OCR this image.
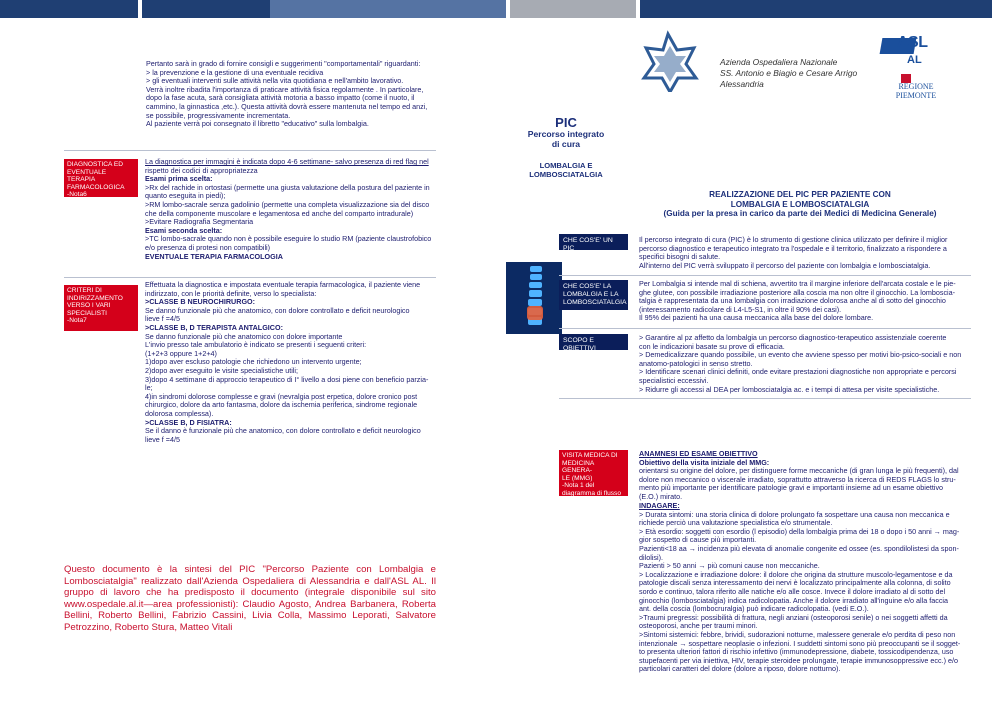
Pertanto sarà in grado di fornire consigli e suggerimenti "comportamentali" riguardanti:
> la prevenzione e la gestione di una eventuale recidiva
> gli eventuali interventi sulle attività nella vita quotidiana e nell'ambito lavorativo.
Verrà inoltre ribadita l'importanza di praticare attività fisica regolarmente . In particolare,
dopo la fase acuta, sarà consigliata attività motoria a basso impatto (come il nuoto, il
cammino, la ginnastica ,etc.). Questa attività dovrà essere mantenuta nel tempo ed anzi,
se possibile, progressivamente incrementata.
Al paziente verrà poi consegnato il libretto "educativo" sulla lombalgia.
DIAGNOSTICA ED
EVENTUALE TERAPIA
FARMACOLOGICA
-Nota6
La diagnostica per immagini è indicata dopo 4-6 settimane- salvo presenza di red flag nel
rispetto dei codici di appropriatezza
Esami prima scelta:
>Rx del rachide in ortostasi (permette una giusta valutazione della postura del paziente in
quanto eseguita in piedi);
>RM lombo-sacrale senza gadolinio (permette una completa visualizzazione sia del disco
che della componente muscolare e legamentosa ed anche del comparto intradurale)
>Evitare Radiografia Segmentaria
Esami seconda scelta:
>TC lombo-sacrale quando non è possibile eseguire lo studio RM (paziente claustrofobico
e/o presenza di protesi non compatibili)
EVENTUALE TERAPIA FARMACOLOGIA
CRITERI DI
INDIRIZZAMENTO
VERSO I VARI
SPECIALISTI
-Nota7
Effettuata la diagnostica e impostata eventuale terapia farmacologica, il paziente viene
indirizzato, con le priorità definite, verso lo specialista:
>CLASSE B NEUROCHIRURGO:
Se danno funzionale più che anatomico, con dolore controllato e deficit neurologico
lieve f =4/5
>CLASSE B, D TERAPISTA ANTALGICO:
Se danno funzionale più che anatomico con dolore importante
L'invio presso tale ambulatorio è indicato se presenti i seguenti criteri:
(1+2+3 oppure 1+2+4)
1)dopo aver escluso patologie che richiedono un intervento urgente;
2)dopo aver eseguito le visite specialistiche utili;
3)dopo 4 settimane di approccio terapeutico di I° livello a dosi piene con beneficio parzia-
le;
4)in sindromi dolorose complesse e gravi (nevralgia post erpetica, dolore cronico post
chirurgico, dolore da arto fantasma, dolore da ischemia periferica, sindrome regionale
dolorosa complessa).
>CLASSE B, D FISIATRA:
Se il danno è funzionale più che anatomico, con dolore controllato e deficit neurologico
lieve f =4/5
Questo documento è la sintesi del PIC "Percorso Paziente con Lombalgia e Lombosciatalgia" realizzato dall'Azienda Ospedaliera di Alessandria e dall'ASL AL. Il gruppo di lavoro che ha predisposto il documento (integrale disponibile sul sito www.ospedale.al.it—area professionisti): Claudio Agosto, Andrea Barbanera, Roberta Bellini, Roberto Bellini, Fabrizio Cassini, Livia Colla, Massimo Leporati, Salvatore Petrozzino, Roberto Stura, Matteo Vitali
Azienda Ospedaliera Nazionale
SS. Antonio e Biagio e Cesare Arrigo
Alessandria
ASL
AL
REGIONE
PIEMONTE
PIC
Percorso integrato
di cura
LOMBALGIA E
LOMBOSCIATALGIA
REALIZZAZIONE DEL PIC PER PAZIENTE CON
LOMBALGIA E LOMBOSCIATALGIA
(Guida per la presa in carico da parte dei Medici di Medicina Generale)
CHE COS'E' UN PIC
Il percorso integrato di cura (PIC) è lo strumento di gestione clinica utilizzato per definire il miglior
percorso diagnostico e terapeutico integrato tra l'ospedale e il territorio, finalizzato a rispondere a
specifici bisogni di salute.
All'interno del PIC verrà sviluppato il percorso del paziente con lombalgia e lombosciatalgia.
CHE COS'E' LA
LOMBALGIA E LA
LOMBOSCIATALGIA
Per Lombalgia si intende mal di schiena, avvertito tra il margine inferiore dell'arcata costale e le pie-
ghe glutee, con possibile irradiazione posteriore alla coscia ma non oltre il ginocchio. La lombosciа-
talgia è rappresentata da una lombalgia con irradiazione dolorosa anche al di sotto del ginocchio
(interessamento radicolare di L4-L5-S1, in oltre il 90% dei casi).
Il 95% dei pazienti ha una causa meccanica alla base del dolore lombare.
SCOPO E OBIETTIVI
> Garantire al pz affetto da lombalgia un percorso diagnostico-terapeutico assistenziale coerente
con le indicazioni basate su prove di efficacia.
> Demedicalizzare quando possibile, un evento che avviene spesso per motivi bio-psico-sociali e non
anatomo-patologici in senso stretto.
> Identificare scenari clinici definiti, onde evitare prestazioni diagnostiche non appropriate e percorsi
specialistici eccessivi.
> Ridurre gli accessi al DEA per lombosciatalgia ac. e i tempi di attesa per visite specialistiche.
VISITA MEDICA DI
MEDICINA GENERA-
LE (MMG)
-Nota 1 del
diagramma di flusso
ANAMNESI ED ESAME OBIETTIVO
Obiettivo della visita iniziale del MMG:
orientarsi su origine del dolore, per distinguere forme meccaniche (di gran lunga le più frequenti), dal
dolore non meccanico o viscerale irradiato, soprattutto attraverso la ricerca di REDS FLAGS lo stru-
mento più importante per identificare patologie gravi e importanti insieme ad un esame obiettivo
(E.O.) mirato.
INDAGARE:
> Durata sintomi: una storia clinica di dolore prolungato fa sospettare una causa non meccanica e
richiede perciò una valutazione specialistica e/o strumentale.
> Età esordio: soggetti con esordio (l episodio) della lombalgia prima dei 18 o dopo i 50 anni → mag-
gior sospetto di cause più importanti.
Pazienti<18 aa → incidenza più elevata di anomalie congenite ed ossee (es. spondilolistesi da spon-
dilolisi).
Pazienti > 50 anni → più comuni cause non meccaniche.
> Localizzazione e irradiazione dolore: il dolore che origina da strutture muscolo-legamentose e da
patologie discali senza interessamento dei nervi è localizzato principalmente alla colonna, di solito
sordo e continuo, talora riferito alle natiche e/o alle cosce. Invece il dolore irradiato al di sotto del
ginocchio (lombosciatalgia) indica radicolopatia. Anche il dolore irradiato all'inguine e/o alla faccia
ant. della coscia (lombocruralgia) può indicare radicolopatia. (vedi E.O.).
>Traumi pregressi: possibilità di frattura, negli anziani (osteoporosi senile) o nei soggetti affetti da
osteoporosi, anche per traumi minori.
>Sintomi sistemici: febbre, brividi, sudorazioni notturne, malessere generale e/o perdita di peso non
intenzionale → sospettare neoplasie o infezioni. I suddetti sintomi sono più preoccupanti se il sogget-
to presenta ulteriori fattori di rischio infettivo (immunodepressione, diabete, tossicodipendenza, uso
stupefacenti per via iniettiva, HIV, terapie steroidee prolungate, terapie immunosoppressive ecc.) e/o
particolari caratteri del dolore (dolore a riposo, dolore notturno).
